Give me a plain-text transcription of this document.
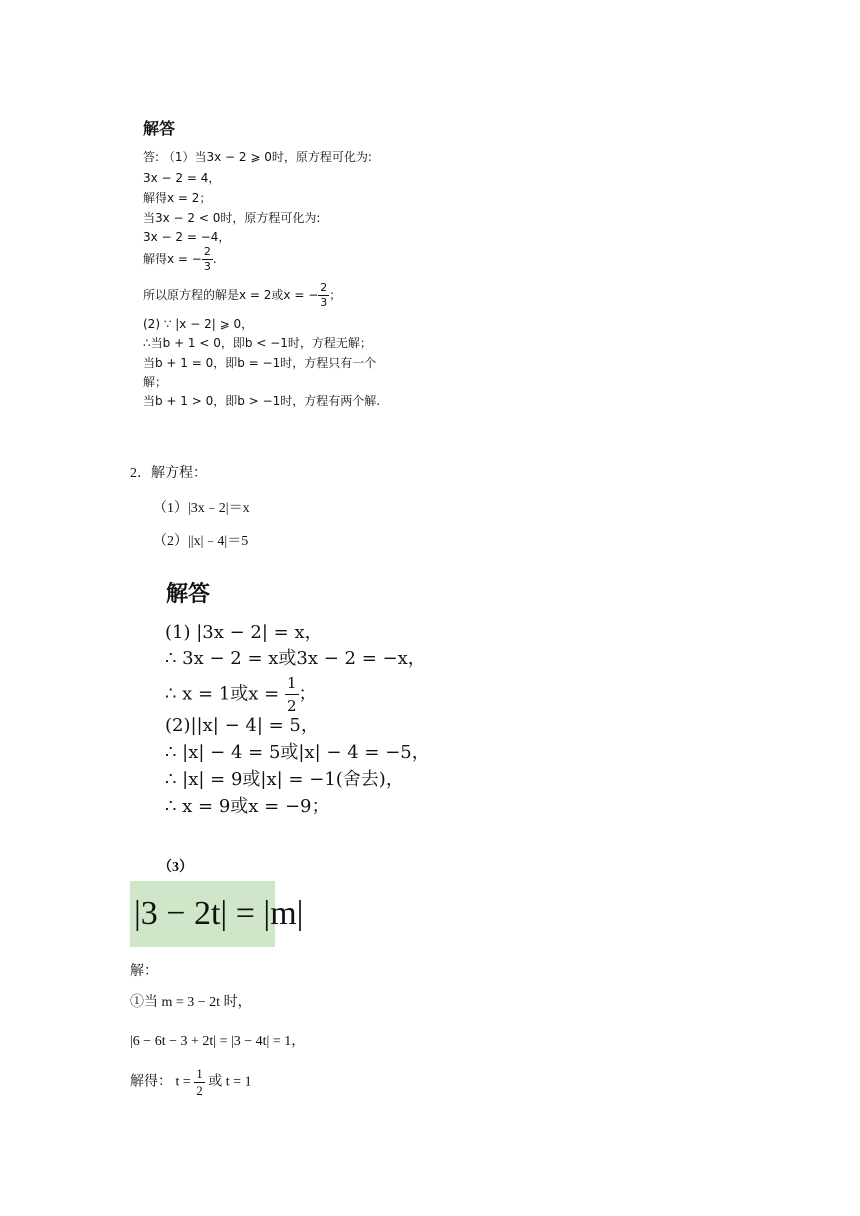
解答
答: （1）当3x − 2 ⩾ 0时，原方程可化为:
3x − 2 = 4，
解得x = 2；
当3x − 2 < 0时，原方程可化为:
3x − 2 = −4，
解得x = − $\frac{2}{3}$ .
所以原方程的解是x = 2或x = − $\frac{2}{3}$ ；
(2) ∵ |x − 2| ⩾ 0，
∴当b + 1 < 0，即b < −1时，方程无解；
当b + 1 = 0，即b = −1时，方程只有一个
解；
当b + 1 > 0，即b > −1时，方程有两个解.
2．解方程：
（1）|3x﹣2|＝x
（2）||x|﹣4|＝5
解答
(1) |3x − 2| = x，
∴ 3x − 2 = x或3x − 2 = −x，
∴ x = 1或$x = \frac{1}{2}$ ；
(2)||x| − 4| = 5，
∴ |x| − 4 = 5或|x| − 4 = −5，
∴ |x| = 9或|x| = −1(舍去)，
∴ x = 9或x = −9；
（3）
|3 − 2t| = |m|
解：
①当 m = 3 − 2t 时，
|6 − 6t − 3 + 2t| = |3 − 4t| = 1，
解得： $t = \frac{1}{2}$ 或 t = 1
